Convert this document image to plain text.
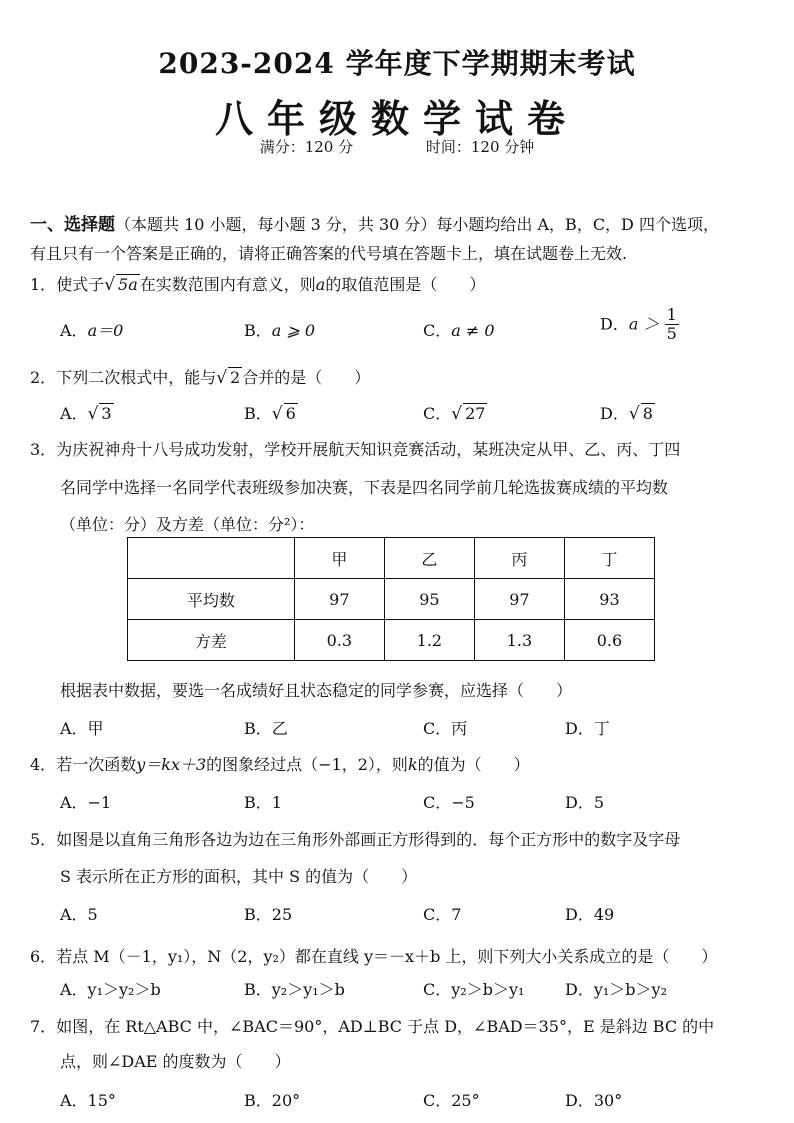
2023-2024 学年度下学期期末考试
八年级数学试卷
满分：120 分	时间：120 分钟
一、选择题（本题共 10 小题，每小题 3 分，共 30 分）每小题均给出 A，B，C，D 四个选项，
有且只有一个答案是正确的，请将正确答案的代号填在答题卡上，填在试题卷上无效.
1．使式子√ 5a 在实数范围内有意义，则a的取值范围是（　　）
A．a＝0	B．a ⩾ 0	C．a ≠ 0	D．$a > \frac{1}{5}$
2．下列二次根式中，能与√ 2 合并的是（　　）
A．√ 3	B．√ 6	C．√ 27	D．√ 8
3．为庆祝神舟十八号成功发射，学校开展航天知识竞赛活动，某班决定从甲、乙、丙、丁四
名同学中选择一名同学代表班级参加决赛，下表是四名同学前几轮选拔赛成绩的平均数
（单位：分）及方差（单位：分²）：
	甲	乙	丙	丁
平均数	97	95	97	93
方差	0.3	1.2	1.3	0.6
根据表中数据，要选一名成绩好且状态稳定的同学参赛，应选择（　　）
A．甲	B．乙	C．丙	D．丁
4．若一次函数y＝kx＋3的图象经过点（−1，2），则k的值为（　　）
A．−1	B．1	C．−5	D．5
5．如图是以直角三角形各边为边在三角形外部画正方形得到的．每个正方形中的数字及字母
S 表示所在正方形的面积，其中 S 的值为（　　）
A．5	B．25	C．7	D．49
6．若点 M（－1，y₁），N（2，y₂）都在直线 y＝－x＋b 上，则下列大小关系成立的是（　　）
A．y₁＞y₂＞b	B．y₂＞y₁＞b	C．y₂＞b＞y₁	D．y₁＞b＞y₂
7．如图，在 Rt△ABC 中，∠BAC＝90°，AD⊥BC 于点 D，∠BAD＝35°，E 是斜边 BC 的中
点，则∠DAE 的度数为（　　）
A．15°	B．20°	C．25°	D．30°
